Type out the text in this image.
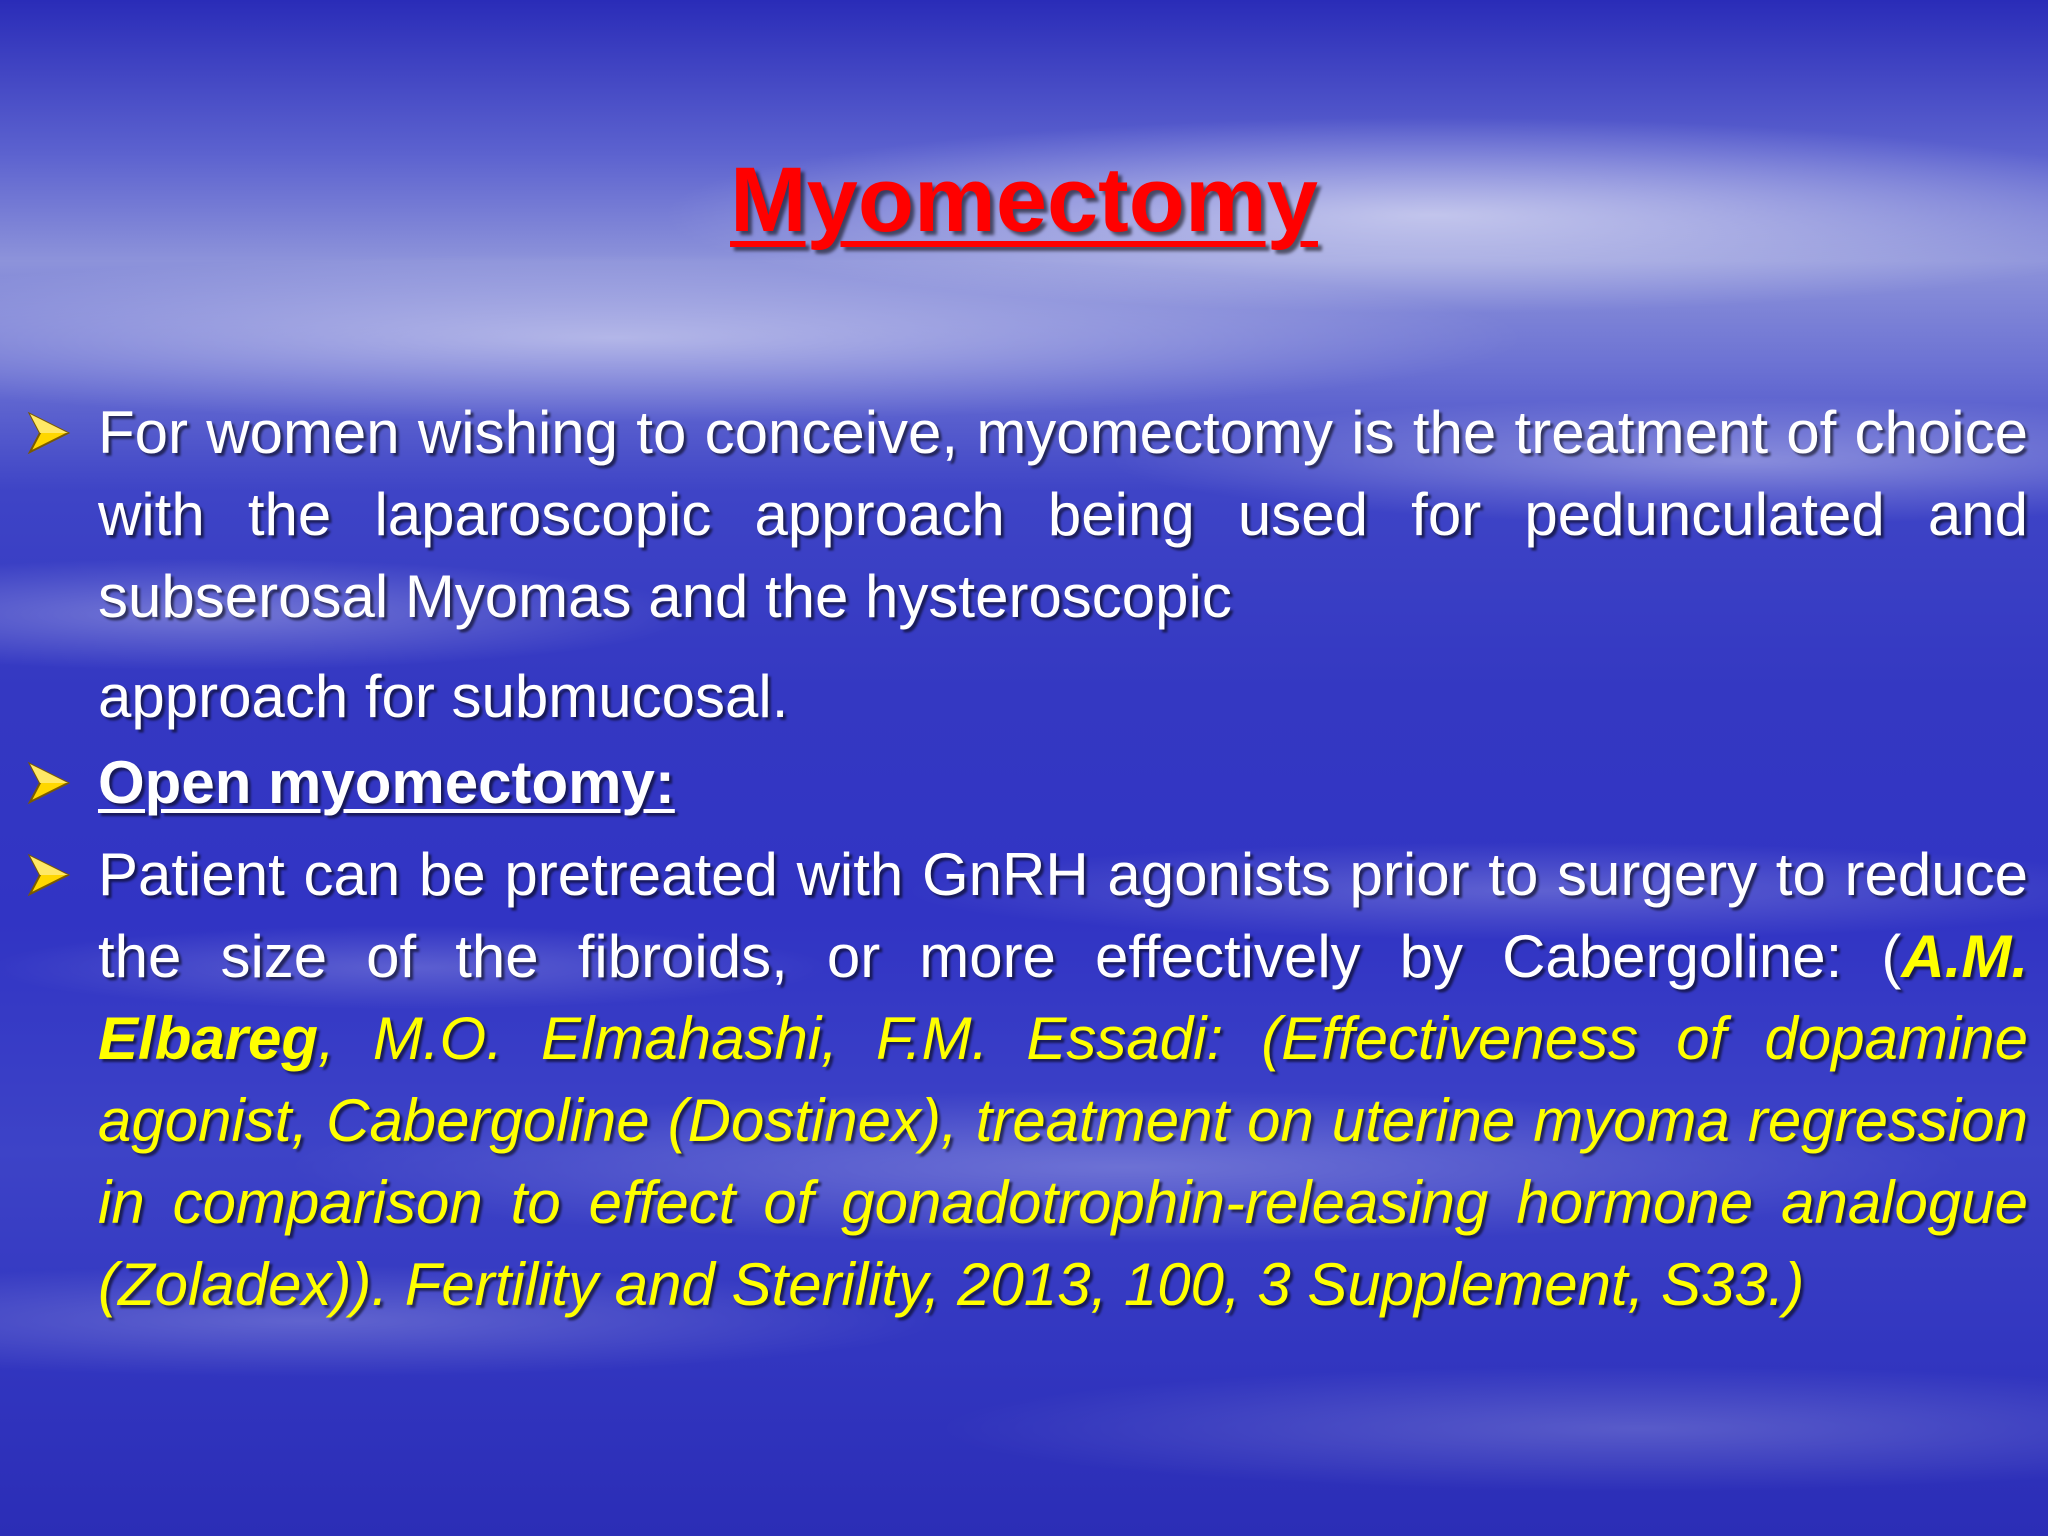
Myomectomy
For women wishing to conceive, myomectomy is the treatment of choice with the laparoscopic approach being used for pedunculated and subserosal Myomas and the hysteroscopic
approach for submucosal.
Open myomectomy:
Patient can be pretreated with GnRH agonists prior to surgery to reduce the size of the fibroids, or more effectively by Cabergoline: (A.M. Elbareg, M.O. Elmahashi, F.M. Essadi: (Effectiveness of dopamine agonist, Cabergoline (Dostinex), treatment on uterine myoma regression in comparison to effect of gonadotrophin-releasing hormone analogue (Zoladex)). Fertility and Sterility, 2013, 100, 3 Supplement, S33.)
